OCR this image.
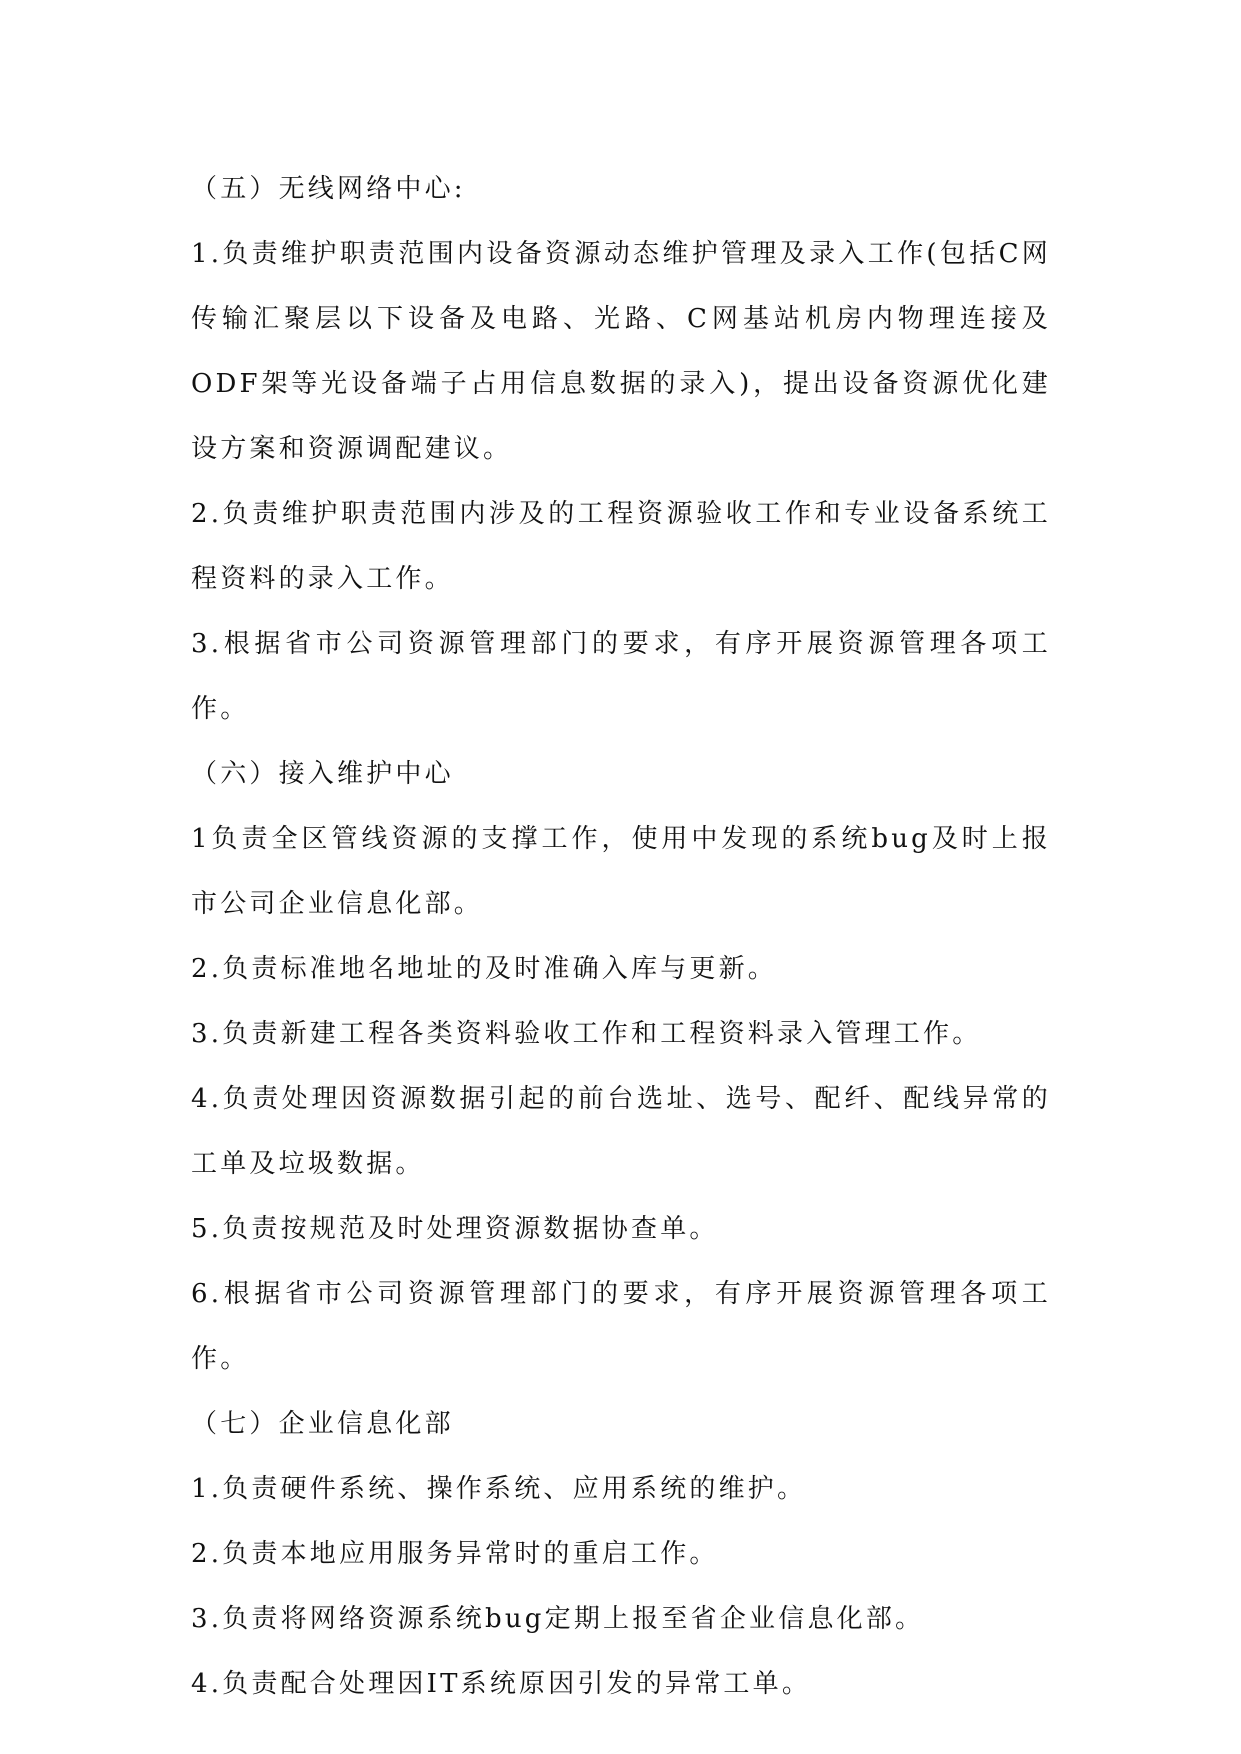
（五）无线网络中心:
1.负责维护职责范围内设备资源动态维护管理及录入工作(包括C网传输汇聚层以下设备及电路、光路、C网基站机房内物理连接及ODF架等光设备端子占用信息数据的录入)，提出设备资源优化建设方案和资源调配建议。
2.负责维护职责范围内涉及的工程资源验收工作和专业设备系统工程资料的录入工作。
3.根据省市公司资源管理部门的要求，有序开展资源管理各项工作。
（六）接入维护中心
1负责全区管线资源的支撑工作，使用中发现的系统bug及时上报市公司企业信息化部。
2.负责标准地名地址的及时准确入库与更新。
3.负责新建工程各类资料验收工作和工程资料录入管理工作。
4.负责处理因资源数据引起的前台选址、选号、配纤、配线异常的工单及垃圾数据。
5.负责按规范及时处理资源数据协查单。
6.根据省市公司资源管理部门的要求，有序开展资源管理各项工作。
（七）企业信息化部
1.负责硬件系统、操作系统、应用系统的维护。
2.负责本地应用服务异常时的重启工作。
3.负责将网络资源系统bug定期上报至省企业信息化部。
4.负责配合处理因IT系统原因引发的异常工单。
